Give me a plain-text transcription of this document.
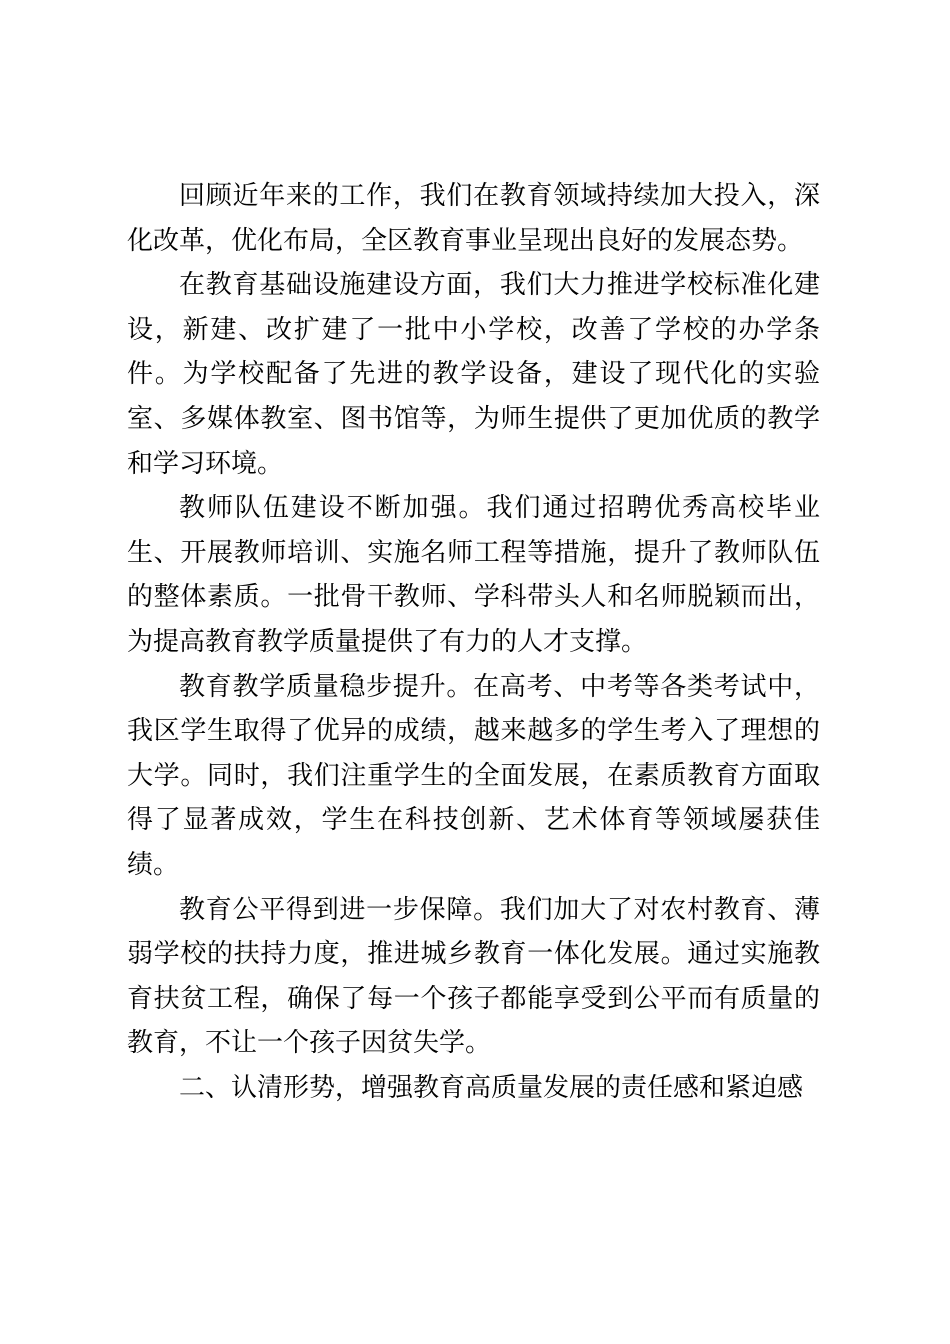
回顾近年来的工作，我们在教育领域持续加大投入，深化改革，优化布局，全区教育事业呈现出良好的发展态势。

在教育基础设施建设方面，我们大力推进学校标准化建设，新建、改扩建了一批中小学校，改善了学校的办学条件。为学校配备了先进的教学设备，建设了现代化的实验室、多媒体教室、图书馆等，为师生提供了更加优质的教学和学习环境。

教师队伍建设不断加强。我们通过招聘优秀高校毕业生、开展教师培训、实施名师工程等措施，提升了教师队伍的整体素质。一批骨干教师、学科带头人和名师脱颖而出，为提高教育教学质量提供了有力的人才支撑。

教育教学质量稳步提升。在高考、中考等各类考试中，我区学生取得了优异的成绩，越来越多的学生考入了理想的大学。同时，我们注重学生的全面发展，在素质教育方面取得了显著成效，学生在科技创新、艺术体育等领域屡获佳绩。

教育公平得到进一步保障。我们加大了对农村教育、薄弱学校的扶持力度，推进城乡教育一体化发展。通过实施教育扶贫工程，确保了每一个孩子都能享受到公平而有质量的教育，不让一个孩子因贫失学。

二、认清形势，增强教育高质量发展的责任感和紧迫感
